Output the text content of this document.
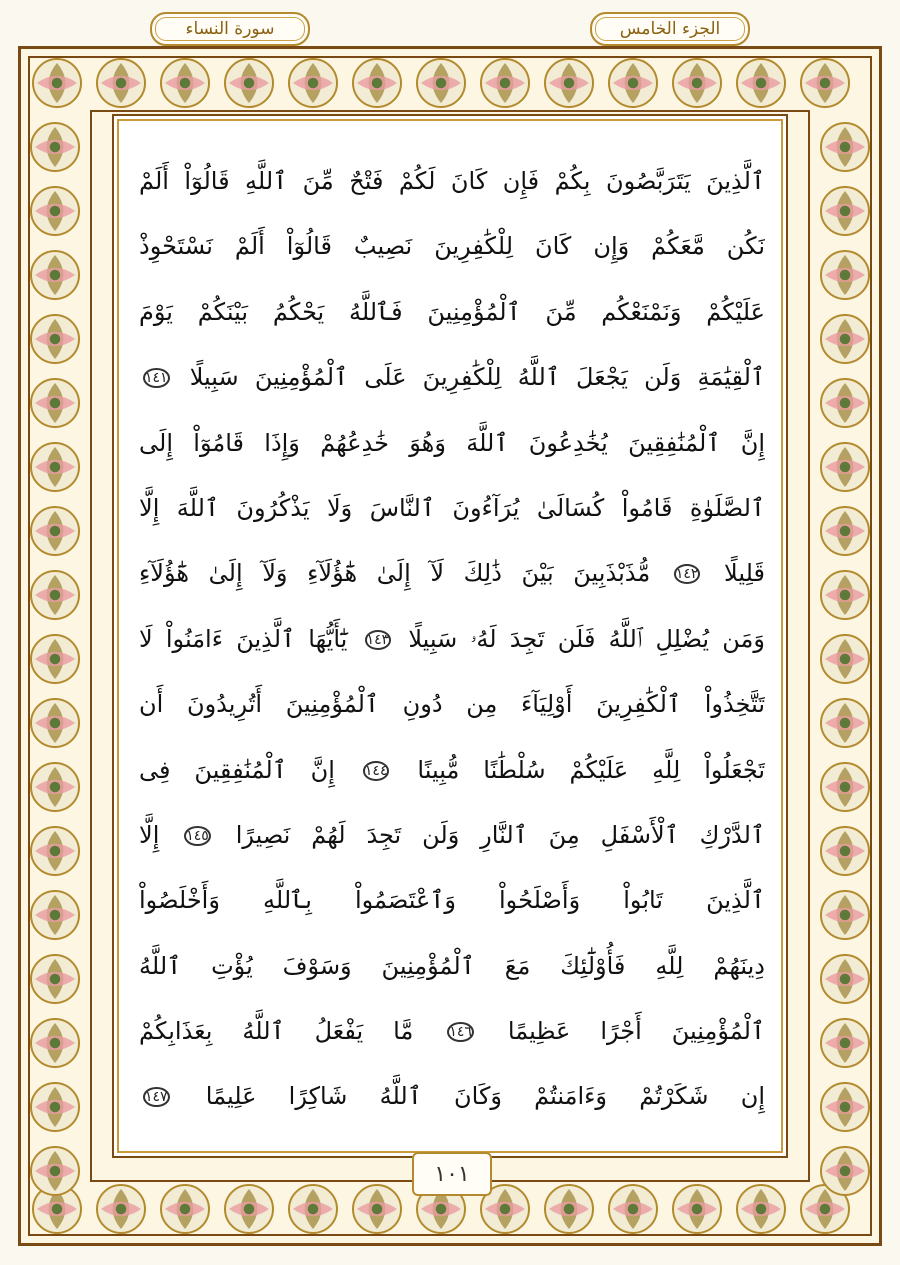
سورة النساء	الجزء الخامس
ٱلَّذِينَ يَتَرَبَّصُونَ بِكُمْ فَإِن كَانَ لَكُمْ فَتْحٌ مِّنَ ٱللَّهِ قَالُوٓاْ أَلَمْ
نَكُن مَّعَكُمْ وَإِن كَانَ لِلْكَٰفِرِينَ نَصِيبٌ قَالُوٓاْ أَلَمْ نَسْتَحْوِذْ
عَلَيْكُمْ وَنَمْنَعْكُم مِّنَ ٱلْمُؤْمِنِينَ فَٱللَّهُ يَحْكُمُ بَيْنَكُمْ يَوْمَ
ٱلْقِيَٰمَةِ وَلَن يَجْعَلَ ٱللَّهُ لِلْكَٰفِرِينَ عَلَى ٱلْمُؤْمِنِينَ سَبِيلًا ١٤١
إِنَّ ٱلْمُنَٰفِقِينَ يُخَٰدِعُونَ ٱللَّهَ وَهُوَ خَٰدِعُهُمْ وَإِذَا قَامُوٓاْ إِلَى
ٱلصَّلَوٰةِ قَامُواْ كُسَالَىٰ يُرَآءُونَ ٱلنَّاسَ وَلَا يَذْكُرُونَ ٱللَّهَ إِلَّا
قَلِيلًا ١٤٢ مُّذَبْذَبِينَ بَيْنَ ذَٰلِكَ لَآ إِلَىٰ هَٰٓؤُلَآءِ وَلَآ إِلَىٰ هَٰٓؤُلَآءِ
وَمَن يُضْلِلِ ٱللَّهُ فَلَن تَجِدَ لَهُۥ سَبِيلًا ١٤٣ يَٰٓأَيُّهَا ٱلَّذِينَ ءَامَنُواْ لَا
تَتَّخِذُواْ ٱلْكَٰفِرِينَ أَوْلِيَآءَ مِن دُونِ ٱلْمُؤْمِنِينَ أَتُرِيدُونَ أَن
تَجْعَلُواْ لِلَّهِ عَلَيْكُمْ سُلْطَٰنًا مُّبِينًا ١٤٤ إِنَّ ٱلْمُنَٰفِقِينَ فِى
ٱلدَّرْكِ ٱلْأَسْفَلِ مِنَ ٱلنَّارِ وَلَن تَجِدَ لَهُمْ نَصِيرًا ١٤٥ إِلَّا
ٱلَّذِينَ تَابُواْ وَأَصْلَحُواْ وَٱعْتَصَمُواْ بِٱللَّهِ وَأَخْلَصُواْ
دِينَهُمْ لِلَّهِ فَأُوْلَٰٓئِكَ مَعَ ٱلْمُؤْمِنِينَ وَسَوْفَ يُؤْتِ ٱللَّهُ
ٱلْمُؤْمِنِينَ أَجْرًا عَظِيمًا ١٤٦ مَّا يَفْعَلُ ٱللَّهُ بِعَذَابِكُمْ
إِن شَكَرْتُمْ وَءَامَنتُمْ وَكَانَ ٱللَّهُ شَاكِرًا عَلِيمًا ١٤٧
١٠١
